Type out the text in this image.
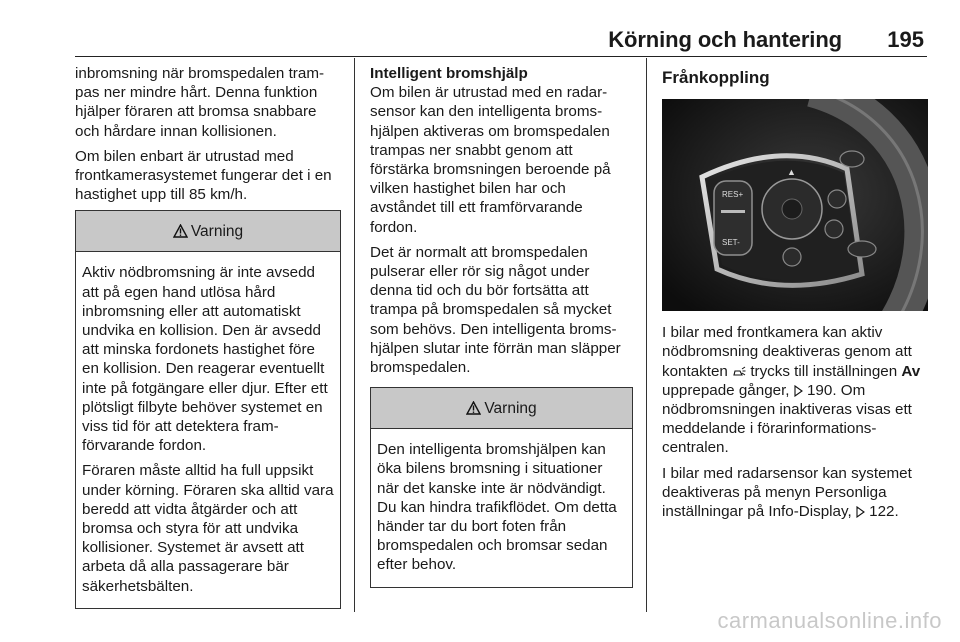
Körning och hantering 195

inbromsning när bromspedalen trampas ner mindre hårt. Denna funktion hjälper föraren att bromsa snabbare och hårdare innan kollisionen.

Om bilen enbart är utrustad med frontkamerasystemet fungerar det i en hastighet upp till 85 km/h.

Varning

Aktiv nödbromsning är inte avsedd att på egen hand utlösa hård inbromsning eller att automatiskt undvika en kollision. Den är avsedd att minska fordonets hastighet före en kollision. Den reagerar eventuellt inte på fotgängare eller djur. Efter ett plötsligt filbyte behöver systemet en viss tid för att detektera framförvarande fordon.

Föraren måste alltid ha full uppsikt under körning. Föraren ska alltid vara beredd att vidta åtgärder och att bromsa och styra för att undvika kollisioner. Systemet är avsett att arbeta då alla passagerare bär säkerhetsbälten.

Intelligent bromshjälp
Om bilen är utrustad med en radarsensor kan den intelligenta bromshjälpen aktiveras om bromspedalen trampas ner snabbt genom att förstärka bromsningen beroende på vilken hastighet bilen har och avståndet till ett framförvarande fordon.

Det är normalt att bromspedalen pulserar eller rör sig något under denna tid och du bör fortsätta att trampa på bromspedalen så mycket som behövs. Den intelligenta bromshjälpen slutar inte förrän man släpper bromspedalen.

Varning

Den intelligenta bromshjälpen kan öka bilens bromsning i situationer när det kanske inte är nödvändigt. Du kan hindra trafikflödet. Om detta händer tar du bort foten från bromspedalen och bromsar sedan efter behov.

Frånkoppling
RES+
SET-
▲

I bilar med frontkamera kan aktiv nödbromsning deaktiveras genom att kontakten  trycks till inställningen Av upprepade gånger,  190. Om nödbromsningen inaktiveras visas ett meddelande i förarinformationscentralen.

I bilar med radarsensor kan systemet deaktiveras på menyn Personliga inställningar på Info-Display,  122.

carmanualsonline.info
